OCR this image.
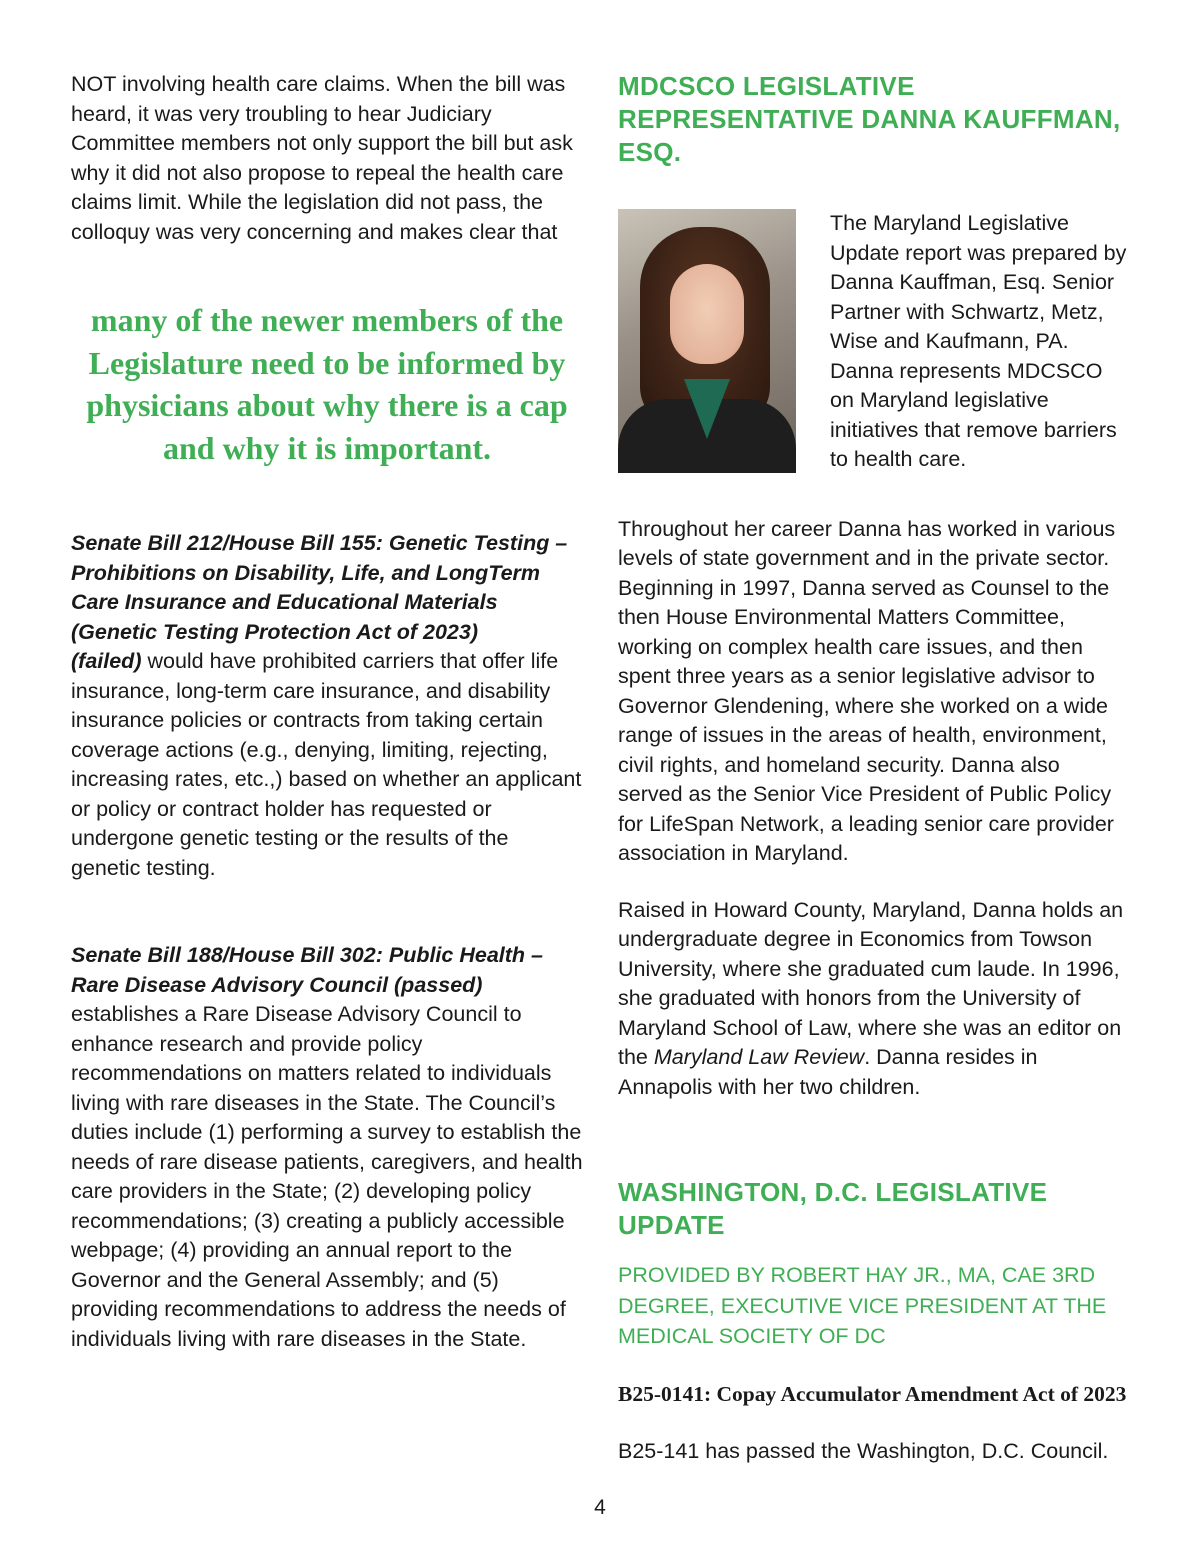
NOT involving health care claims. When the bill was heard, it was very troubling to hear Judiciary Committee members not only support the bill but ask why it did not also propose to repeal the health care claims limit. While the legislation did not pass, the colloquy was very concerning and makes clear that

many of the newer members of the Legislature need to be informed by physicians about why there is a cap and why it is important.

Senate Bill 212/House Bill 155: Genetic Testing – Prohibitions on Disability, Life, and LongTerm Care Insurance and Educational Materials (Genetic Testing Protection Act of 2023)

(failed) would have prohibited carriers that offer life insurance, long-term care insurance, and disability insurance policies or contracts from taking certain coverage actions (e.g., denying, limiting, rejecting, increasing rates, etc.,) based on whether an applicant or policy or contract holder has requested or undergone genetic testing or the results of the genetic testing.

Senate Bill 188/House Bill 302: Public Health – Rare Disease Advisory Council (passed)

establishes a Rare Disease Advisory Council to enhance research and provide policy recommendations on matters related to individuals living with rare diseases in the State. The Council’s duties include (1) performing a survey to establish the needs of rare disease patients, caregivers, and health care providers in the State; (2) developing policy recommendations; (3) creating a publicly accessible webpage; (4) providing an annual report to the Governor and the General Assembly; and (5) providing recommendations to address the needs of individuals living with rare diseases in the State.

MDCSCO LEGISLATIVE REPRESENTATIVE DANNA KAUFFMAN, ESQ.
The Maryland Legislative Update report was prepared by Danna Kauffman, Esq. Senior Partner with Schwartz, Metz, Wise and Kaufmann, PA. Danna represents MDCSCO on Maryland legislative initiatives that remove barriers to health care.

Throughout her career Danna has worked in various levels of state government and in the private sector. Beginning in 1997, Danna served as Counsel to the then House Environmental Matters Committee, working on complex health care issues, and then spent three years as a senior legislative advisor to Governor Glendening, where she worked on a wide range of issues in the areas of health, environment, civil rights, and homeland security. Danna also served as the Senior Vice President of Public Policy for LifeSpan Network, a leading senior care provider association in Maryland.

Raised in Howard County, Maryland, Danna holds an undergraduate degree in Economics from Towson University, where she graduated cum laude. In 1996, she graduated with honors from the University of Maryland School of Law, where she was an editor on the Maryland Law Review. Danna resides in Annapolis with her two children.

WASHINGTON, D.C. LEGISLATIVE UPDATE

PROVIDED BY ROBERT HAY JR., MA, CAE 3RD DEGREE, EXECUTIVE VICE PRESIDENT AT THE MEDICAL SOCIETY OF DC

B25-0141: Copay Accumulator Amendment Act of 2023

B25-141 has passed the Washington, D.C. Council.

4
